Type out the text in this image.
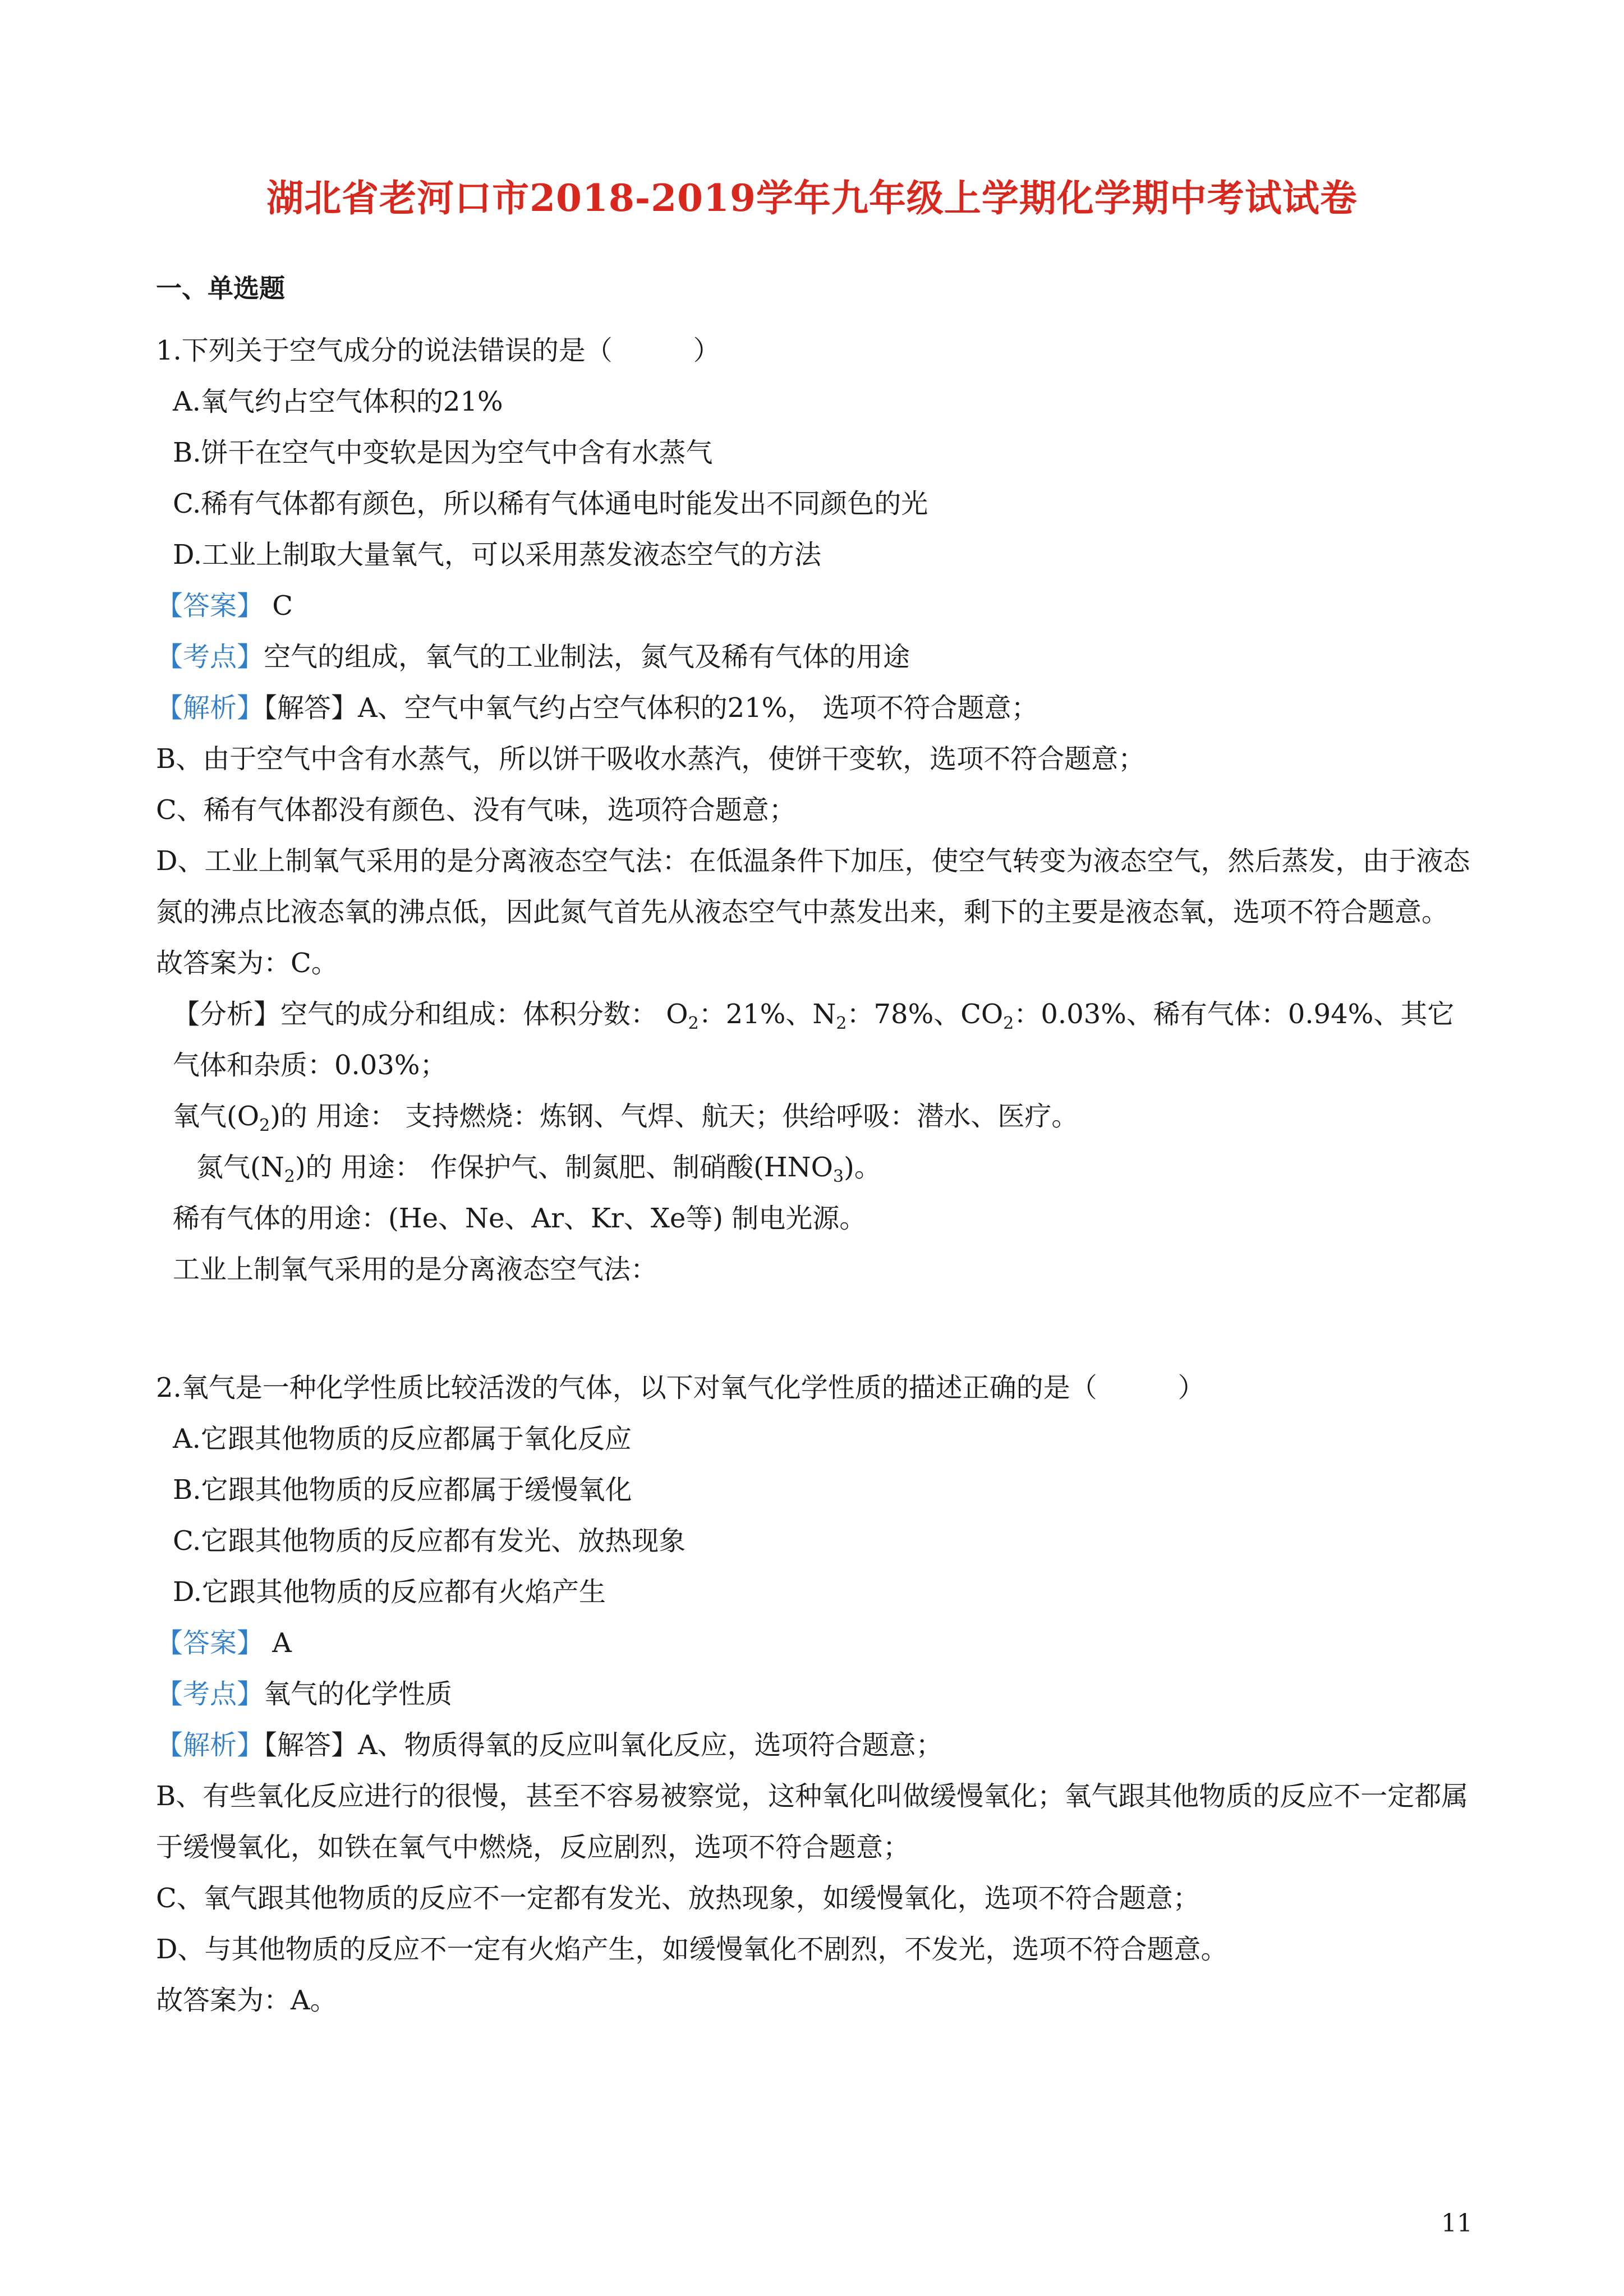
湖北省老河口市2018-2019学年九年级上学期化学期中考试试卷
一、单选题
1.下列关于空气成分的说法错误的是（　　　）
A.氧气约占空气体积的21%
B.饼干在空气中变软是因为空气中含有水蒸气
C.稀有气体都有颜色，所以稀有气体通电时能发出不同颜色的光
D.工业上制取大量氧气，可以采用蒸发液态空气的方法
【答案】 C
【考点】空气的组成，氧气的工业制法，氮气及稀有气体的用途
【解析】【解答】A、空气中氧气约占空气体积的21%， 选项不符合题意；
B、由于空气中含有水蒸气，所以饼干吸收水蒸汽，使饼干变软，选项不符合题意；
C、稀有气体都没有颜色、没有气味，选项符合题意；
D、工业上制氧气采用的是分离液态空气法：在低温条件下加压，使空气转变为液态空气，然后蒸发，由于液态氮的沸点比液态氧的沸点低，因此氮气首先从液态空气中蒸发出来，剩下的主要是液态氧，选项不符合题意。
故答案为：C。
【分析】空气的成分和组成：体积分数： $O_2$：21%、$N_2$：78%、$CO_2$：0.03%、稀有气体：0.94%、其它气体和杂质：0.03%；
氧气$(O_2)$的 用途： 支持燃烧：炼钢、气焊、航天；供给呼吸：潜水、医疗。
氮气$(N_2)$的 用途： 作保护气、制氮肥、制硝酸$(HNO_3)$。
稀有气体的用途：(He、Ne、Ar、Kr、Xe等) 制电光源。
工业上制氧气采用的是分离液态空气法：
2.氧气是一种化学性质比较活泼的气体，以下对氧气化学性质的描述正确的是（　　　）
A.它跟其他物质的反应都属于氧化反应
B.它跟其他物质的反应都属于缓慢氧化
C.它跟其他物质的反应都有发光、放热现象
D.它跟其他物质的反应都有火焰产生
【答案】 A
【考点】氧气的化学性质
【解析】【解答】A、物质得氧的反应叫氧化反应，选项符合题意；
B、有些氧化反应进行的很慢，甚至不容易被察觉，这种氧化叫做缓慢氧化；氧气跟其他物质的反应不一定都属于缓慢氧化，如铁在氧气中燃烧，反应剧烈，选项不符合题意；
C、氧气跟其他物质的反应不一定都有发光、放热现象，如缓慢氧化，选项不符合题意；
D、与其他物质的反应不一定有火焰产生，如缓慢氧化不剧烈，不发光，选项不符合题意。
故答案为：A。
11
